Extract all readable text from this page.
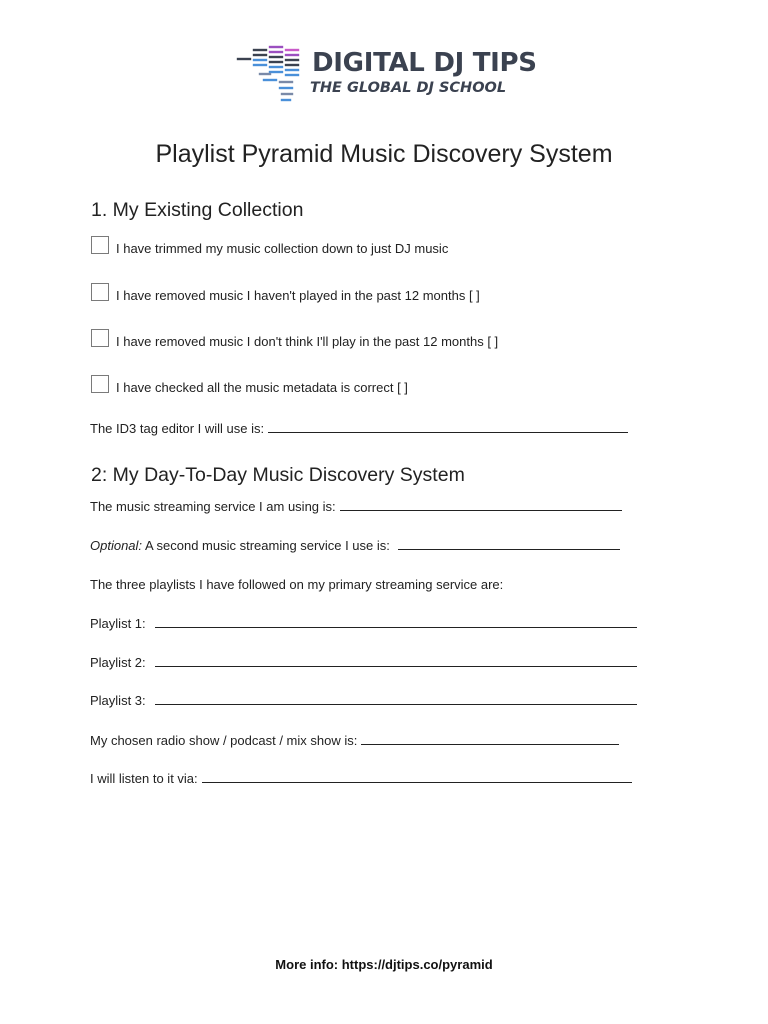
DIGITAL DJ TIPS
THE GLOBAL DJ SCHOOL
Playlist Pyramid Music Discovery System
1. My Existing Collection
I have trimmed my music collection down to just DJ music
I have removed music I haven't played in the past 12 months [ ]
I have removed music I don't think I'll play in the past 12 months [ ]
I have checked all the music metadata is correct [ ]
The ID3 tag editor I will use is:
2: My Day-To-Day Music Discovery System
The music streaming service I am using is:
Optional: A second music streaming service I use is:
The three playlists I have followed on my primary streaming service are:
Playlist 1:
Playlist 2:
Playlist 3:
My chosen radio show / podcast / mix show is:
I will listen to it via:
More info: https://djtips.co/pyramid
